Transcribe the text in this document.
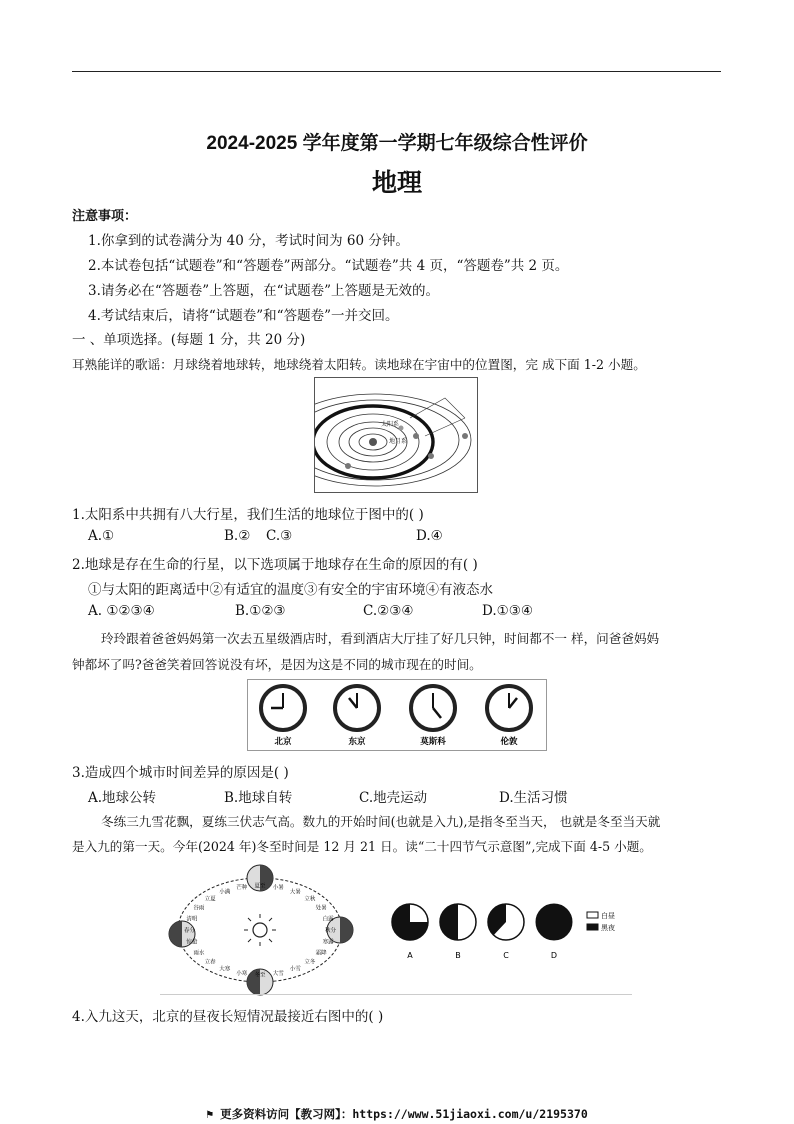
2024-2025 学年度第一学期七年级综合性评价
地理
注意事项：
1.你拿到的试卷满分为 40 分，考试时间为 60 分钟。
2.本试卷包括“试题卷”和“答题卷”两部分。“试题卷”共 4 页，“答题卷”共 2 页。
3.请务必在“答题卷”上答题，在“试题卷”上答题是无效的。
4.考试结束后，请将“试题卷”和“答题卷”一并交回。
一 、单项选择。(每题 1 分，共 20 分)
耳熟能详的歌谣：月球绕着地球转，地球绕着太阳转。读地球在宇宙中的位置图，完 成下面 1-2 小题。
太阳系
地月系
1.太阳系中共拥有八大行星，我们生活的地球位于图中的( )
A.①	B.② C.③	D.④
2.地球是存在生命的行星，以下选项属于地球存在生命的原因的有( )
①与太阳的距离适中②有适宜的温度③有安全的宇宙环境④有液态水
A. ①②③④	B.①②③	C.②③④	D.①③④
玲玲跟着爸爸妈妈第一次去五星级酒店时，看到酒店大厅挂了好几只钟，时间都不一 样，问爸爸妈妈
钟都坏了吗?爸爸笑着回答说没有坏，是因为这是不同的城市现在的时间。
北京	东京	莫斯科	伦敦
3.造成四个城市时间差异的原因是( )
A.地球公转	B.地球自转	C.地壳运动	D.生活习惯
冬练三九雪花飘，夏练三伏志气高。数九的开始时间(也就是入九),是指冬至当天， 也就是冬至当天就
是入九的第一天。今年(2024 年)冬至时间是 12 月 21 日。读“二十四节气示意图”,完成下面 4-5 小题。
春分
清明
谷雨
立夏
小满
芒种 夏至 小暑
大暑
立秋
处暑
白露
秋分
寒露
霜降
立冬
小雪
大雪
冬至
小寒
大寒
立春
雨水
惊蛰
A	B	C	D
白昼
黑夜
4.入九这天，北京的昼夜长短情况最接近右图中的( )
⚑ 更多资料访问【教习网】：https://www.51jiaoxi.com/u/2195370
